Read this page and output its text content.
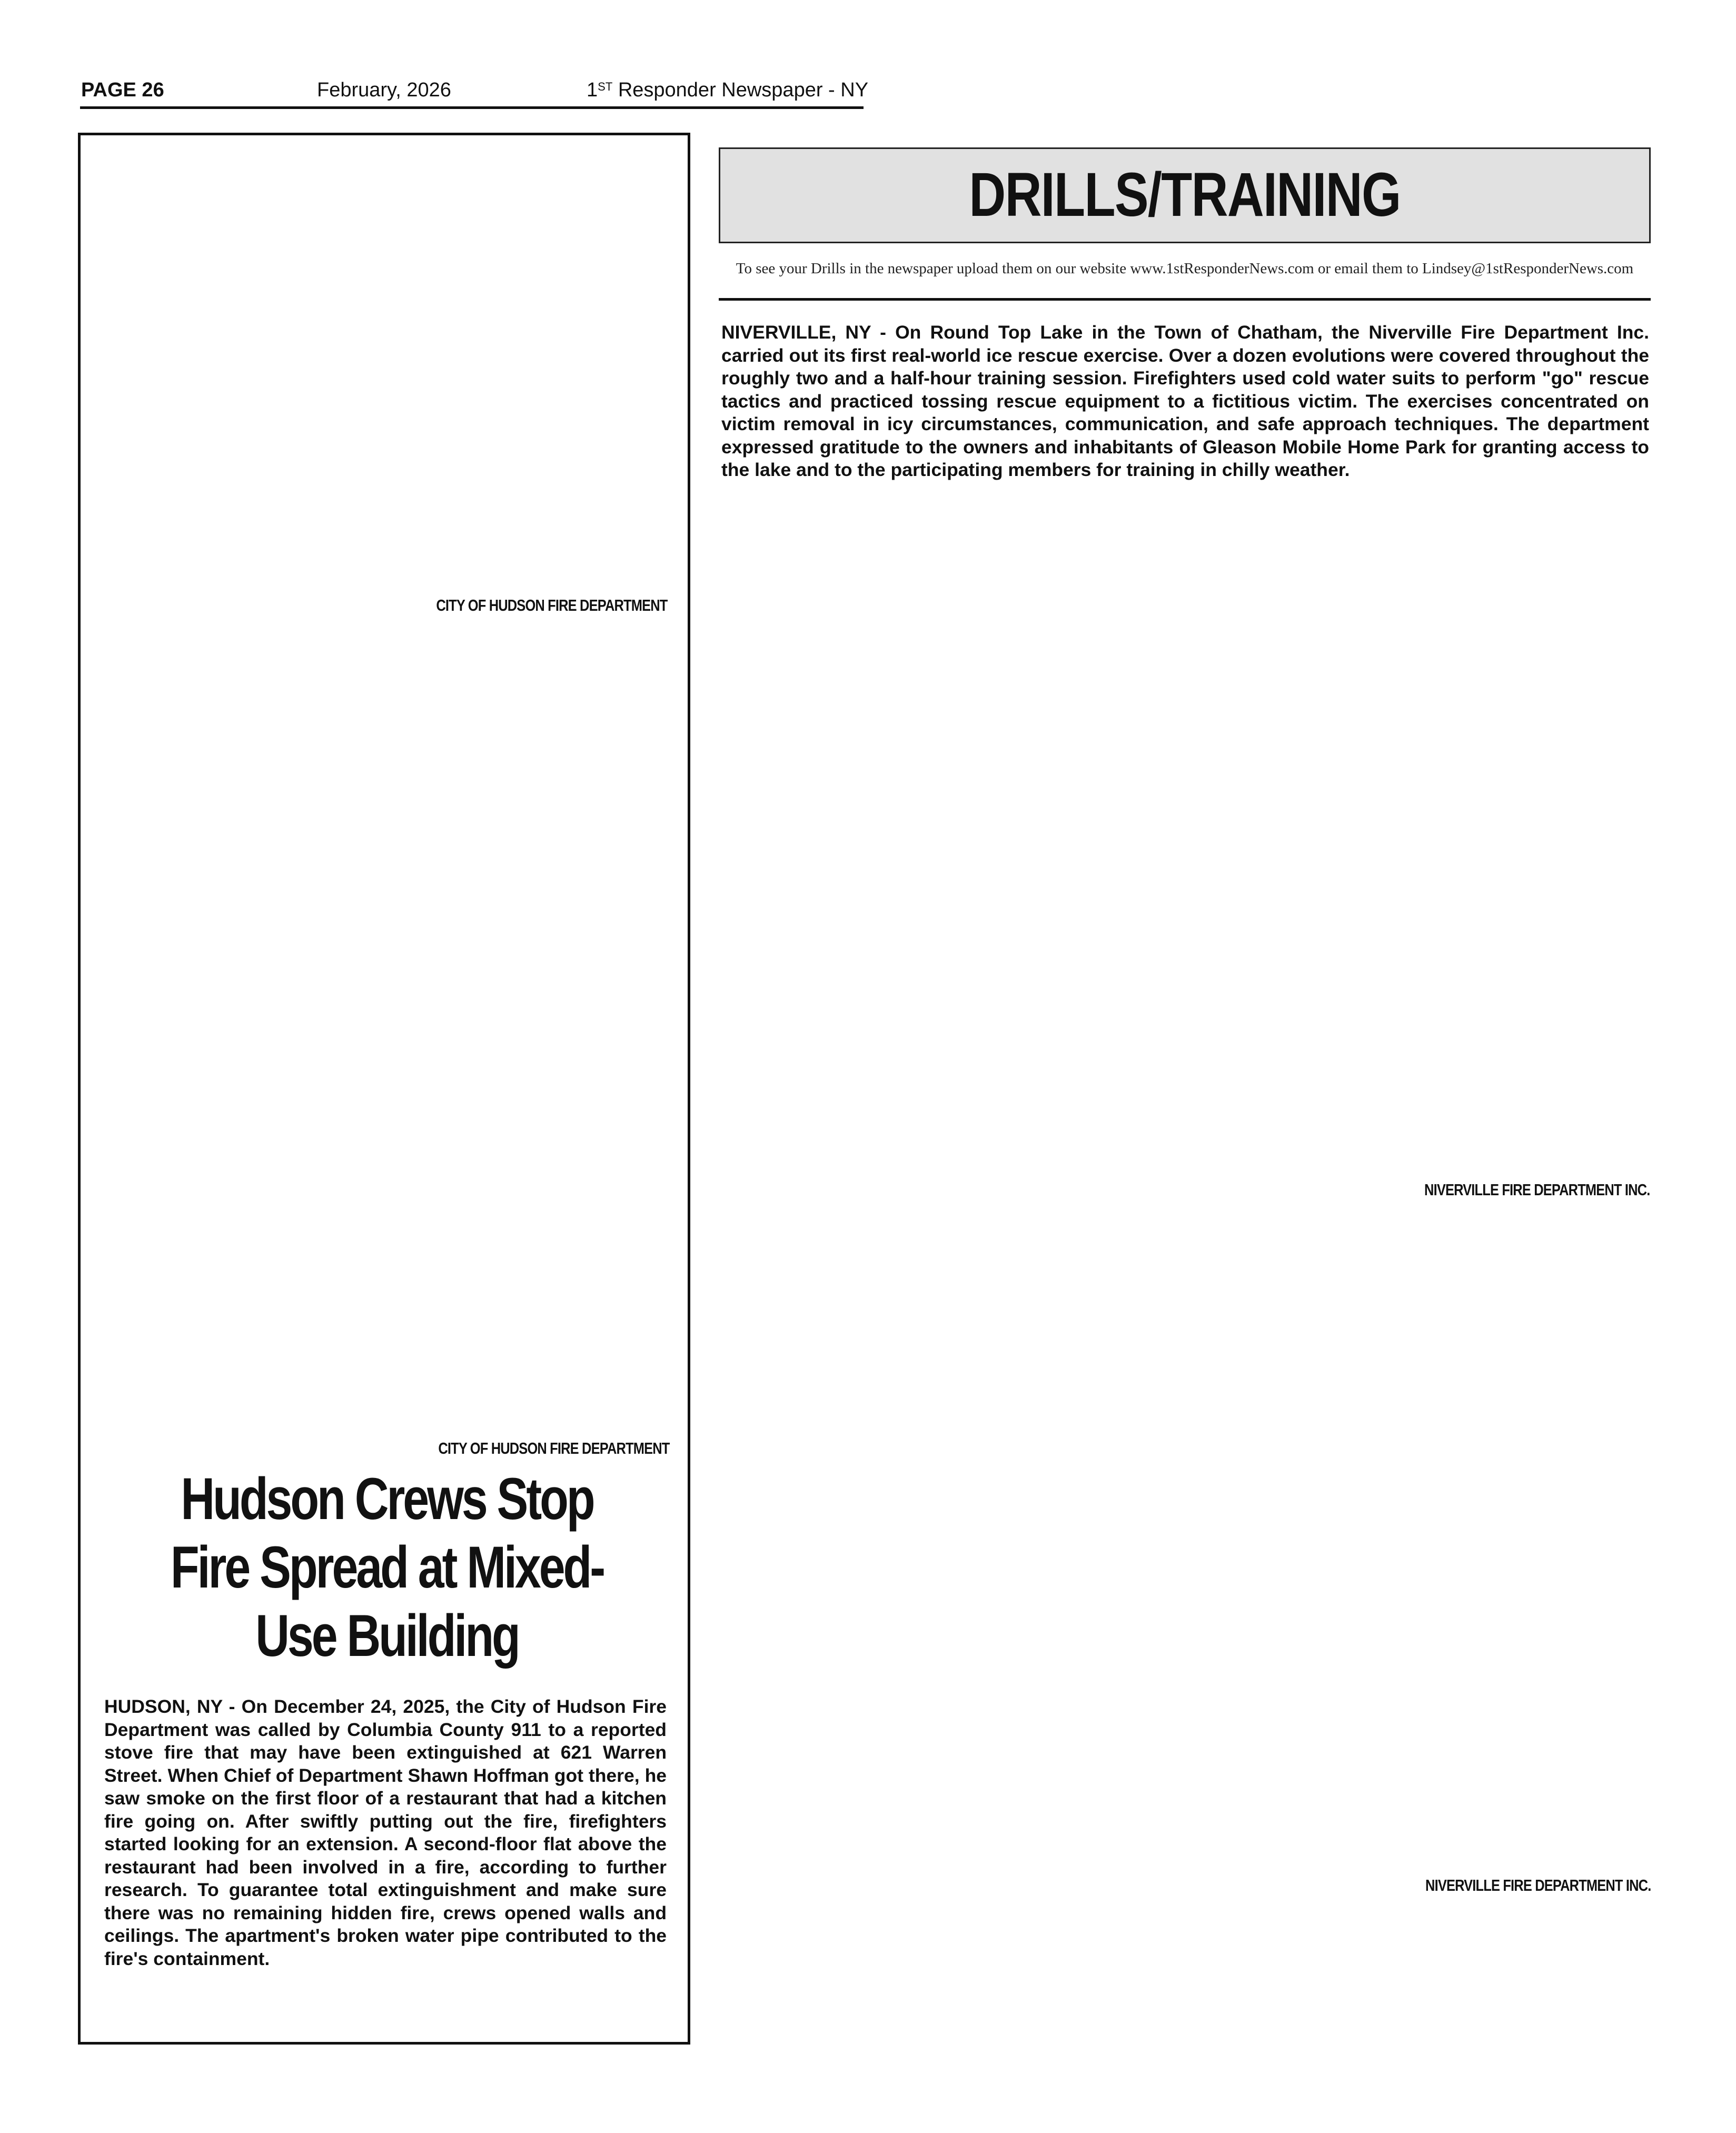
PAGE 26	February, 2026	1ST Responder Newspaper - NY
CITY OF HUDSON FIRE DEPARTMENT
CITY OF HUDSON FIRE DEPARTMENT
Hudson Crews Stop Fire Spread at Mixed-Use Building
HUDSON, NY - On December 24, 2025, the City of Hudson Fire Department was called by Columbia County 911 to a reported stove fire that may have been extinguished at 621 Warren Street. When Chief of Department Shawn Hoffman got there, he saw smoke on the first floor of a restaurant that had a kitchen fire going on. After swiftly putting out the fire, firefighters started looking for an extension. A second-floor flat above the restaurant had been involved in a fire, according to further research. To guarantee total extinguishment and make sure there was no remaining hidden fire, crews opened walls and ceilings. The apartment's broken water pipe contributed to the fire's containment.
DRILLS/TRAINING
To see your Drills in the newspaper upload them on our website www.1stResponderNews.com or email them to Lindsey@1stResponderNews.com
NIVERVILLE, NY - On Round Top Lake in the Town of Chatham, the Niverville Fire Department Inc. carried out its first real-world ice rescue exercise. Over a dozen evolutions were covered throughout the roughly two and a half-hour training session. Firefighters used cold water suits to perform "go" rescue tactics and practiced tossing rescue equipment to a fictitious victim. The exercises concentrated on victim removal in icy circumstances, communication, and safe approach techniques. The department expressed gratitude to the owners and inhabitants of Gleason Mobile Home Park for granting access to the lake and to the participating members for training in chilly weather.
NIVERVILLE FIRE DEPARTMENT INC.
NIVERVILLE FIRE DEPARTMENT INC.
